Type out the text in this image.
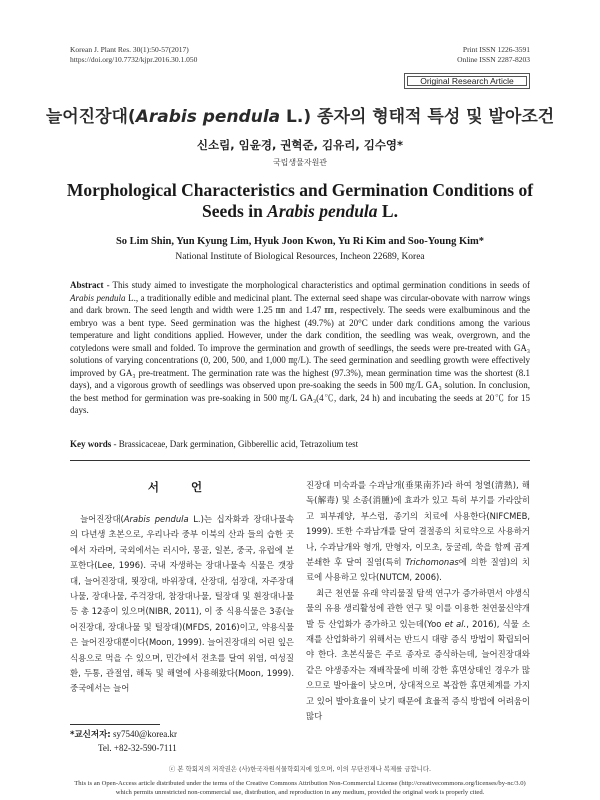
Korean J. Plant Res. 30(1):50-57(2017)
https://doi.org/10.7732/kjpr.2016.30.1.050
Print ISSN 1226-3591
Online ISSN 2287-8203
Original Research Article
늘어진장대(Arabis pendula L.) 종자의 형태적 특성 및 발아조건
신소림, 임윤경, 권혁준, 김유리, 김수영*
국립생물자원관
Morphological Characteristics and Germination Conditions of
Seeds in Arabis pendula L.
So Lim Shin, Yun Kyung Lim, Hyuk Joon Kwon, Yu Ri Kim and Soo-Young Kim*
National Institute of Biological Resources, Incheon 22689, Korea
Abstract - This study aimed to investigate the morphological characteristics and optimal germination conditions in seeds of Arabis pendula L., a traditionally edible and medicinal plant. The external seed shape was circular-obovate with narrow wings and dark brown. The seed length and width were 1.25 ㎜ and 1.47 ㎜, respectively. The seeds were exalbuminous and the embryo was a bent type. Seed germination was the highest (49.7%) at 20°C under dark conditions among the various temperature and light conditions applied. However, under the dark condition, the seedling was weak, overgrown, and the cotyledons were small and folded. To improve the germination and growth of seedlings, the seeds were pre-treated with GA₃ solutions of varying concentrations (0, 200, 500, and 1,000 ㎎/L). The seed germination and seedling growth were effectively improved by GA₃ pre-treatment. The germination rate was the highest (97.3%), mean germination time was the shortest (8.1 days), and a vigorous growth of seedlings was observed upon pre-soaking the seeds in 500 ㎎/L GA₃ solution. In conclusion, the best method for germination was pre-soaking in 500 ㎎/L GA₃(4℃, dark, 24 h) and incubating the seeds at 20℃ for 15 days.
Key words - Brassicaceae, Dark germination, Gibberellic acid, Tetrazolium test
서 언

늘어진장대(Arabis pendula L.)는 십자화과 장대나물속의 다년생 초본으로, 우리나라 중부 이북의 산과 들의 습한 곳에서 자라며, 국외에서는 러시아, 몽골, 일본, 중국, 유럽에 분포한다(Lee, 1996). 국내 자생하는 장대나물속 식물은 갯장대, 늘어진장대, 묏장대, 바위장대, 산장대, 섬장대, 자주장대나물, 장대나물, 주걱장대, 참장대나물, 털장대 및 흰장대나물 등 총 12종이 있으며(NIBR, 2011), 이 중 식용식물은 3종(늘어진장대, 장대나물 및 털장대)(MFDS, 2016)이고, 약용식물은 늘어진장대뿐이다(Moon, 1999). 늘어진장대의 어린 잎은 식용으로 먹을 수 있으며, 민간에서 전초를 달여 위염, 여성질환, 두통, 관절염, 해독 및 해열에 사용해왔다(Moon, 1999). 중국에서는 늘어

진장대 미숙과를 수과남개(垂果南芥)라 하여 청열(淸熱), 해독(解毒) 및 소종(消腫)에 효과가 있고 특히 부기를 가라앉히고 피부궤양, 부스럼, 종기의 치료에 사용한다(NIFCMEB, 1999). 또한 수과남개를 달여 결절종의 치료약으로 사용하거나, 수과남개와 형개, 만형자, 이모초, 둥굴레, 쑥을 함께 곱게 분쇄한 후 달여 질염(특히 Trichomonas에 의한 질염)의 치료에 사용하고 있다(NUTCM, 2006).

최근 천연물 유래 약리물질 탐색 연구가 증가하면서 야생식물의 유용 생리활성에 관한 연구 및 이를 이용한 천연물신약개발 등 산업화가 증가하고 있는데(Yoo et al., 2016), 식물 소재를 산업화하기 위해서는 반드시 대량 증식 방법이 확립되어야 한다. 초본식물은 주로 종자로 증식하는데, 늘어진장대와 같은 야생종자는 재배작물에 비해 강한 휴면상태인 경우가 많으므로 발아율이 낮으며, 상대적으로 복잡한 휴면체계를 가지고 있어 발아효율이 낮기 때문에 효율적 증식 방법에 어려움이 많다

*교신저자: sy7540@korea.kr
Tel. +82-32-590-7111
ⓒ 본 학회지의 저작권은 (사)한국자원식물학회지에 있으며, 이의 무단전재나 복제를 금합니다.
This is an Open-Access article distributed under the terms of the Creative Commons Attribution Non-Commercial License (http://creativecommons.org/licenses/by-nc/3.0)
which permits unrestricted non-commercial use, distribution, and reproduction in any medium, provided the original work is properly cited.
